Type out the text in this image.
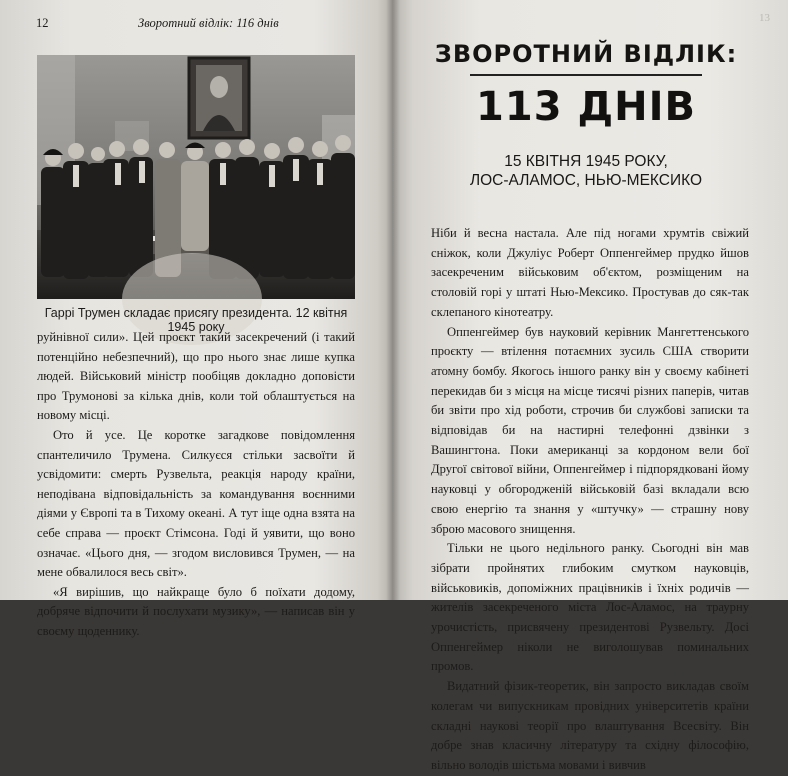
12	Зворотний відлік: 116 днів
Гаррі Трумен складає присягу президента. 12 квітня 1945 року

руйнівної сили». Цей проєкт такий засекречений (і такий потенційно небезпечний), що про нього знає лише купка людей. Військовий міністр пообіцяв докладно доповісти про Трумонові за кілька днів, коли той облаштується на новому місці.

Ото й усе. Це коротке загадкове повідомлення спантеличило Трумена. Силкуєся стільки засвоїти й усвідомити: смерть Рузвельта, реакція народу країни, неподівана відповідальність за командування воєнними діями у Європі та в Тихому океані. А тут іще одна взята на себе справа — проєкт Стімсона. Годі й уявити, що воно означає. «Цього дня, — згодом висловився Трумен, — на мене обвалилося весь світ».

«Я вирішив, що найкраще було б поїхати додому, добряче відпочити й послухати музику», — написав він у своєму щоденнику.

13
ЗВОРОТНИЙ ВІДЛІК:
113 ДНІВ
15 КВІТНЯ 1945 РОКУ,
ЛОС-АЛАМОС, НЬЮ-МЕКСИКО

Ніби й весна настала. Але під ногами хрумтів свіжий сніжок, коли Джуліус Роберт Оппенгеймер прудко йшов засекреченим військовим об'єктом, розміщеним на столовій горі у штаті Нью-Мексико. Простував до сяк-так склепаного кінотеатру.

Оппенгеймер був науковий керівник Мангеттенського проєкту — втілення потаємних зусиль США створити атомну бомбу. Якогось іншого ранку він у своєму кабінеті перекидав би з місця на місце тисячі різних паперів, читав би звіти про хід роботи, строчив би службові записки та відповідав би на настирні телефонні дзвінки з Вашингтона. Поки американці за кордоном вели бої Другої світової війни, Оппенгеймер і підпорядковані йому науковці у обгородженій військовій базі вкладали всю свою енергію та знання у «штучку» — страшну нову зброю масового знищення.

Тільки не цього недільного ранку. Сьогодні він мав зібрати пройнятих глибоким смутком науковців, військовиків, допоміжних працівників і їхніх родичів — жителів засекреченого міста Лос-Аламос, на траурну урочистість, присвячену президентові Рузвельту. Досі Оппенгеймер ніколи не виголошував поминальних промов.

Видатний фізик-теоретик, він запросто викладав своїм колегам чи випускникам провідних університетів країни складні наукові теорії про влаштування Всесвіту. Він добре знав класичну літературу та східну філософію, вільно володів шістьма мовами і вивчив
